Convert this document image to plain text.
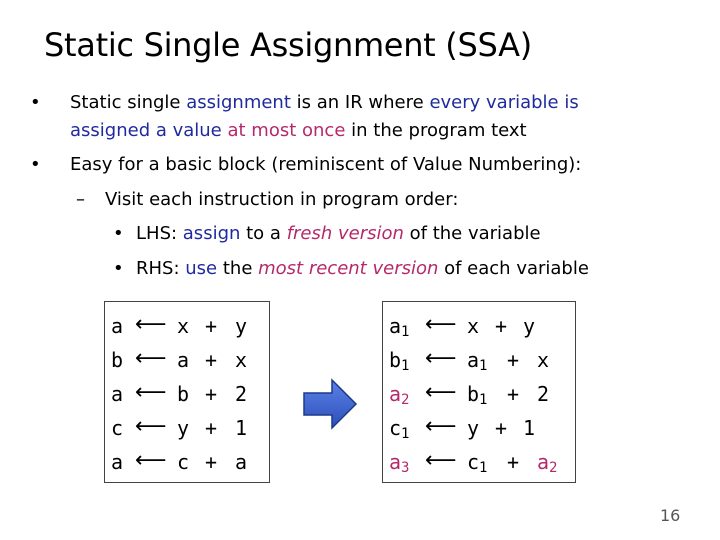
Static Single Assignment (SSA)
• Static single assignment is an IR where every variable is
assigned a value at most once in the program text
• Easy for a basic block (reminiscent of Value Numbering):
– Visit each instruction in program order:
• LHS: assign to a fresh version of the variable
• RHS: use the most recent version of each variable
a ⟵ x + y
b ⟵ a + x
a ⟵ b + 2
c ⟵ y + 1
a ⟵ c + a
$a_1$ ⟵ x + y
$b_1$ ⟵ $a_1 + x$
$a_2$ ⟵ $b_1 + 2$
$c_1$ ⟵ y + 1
$a_3$ ⟵ $c_1 + a_2$
16
